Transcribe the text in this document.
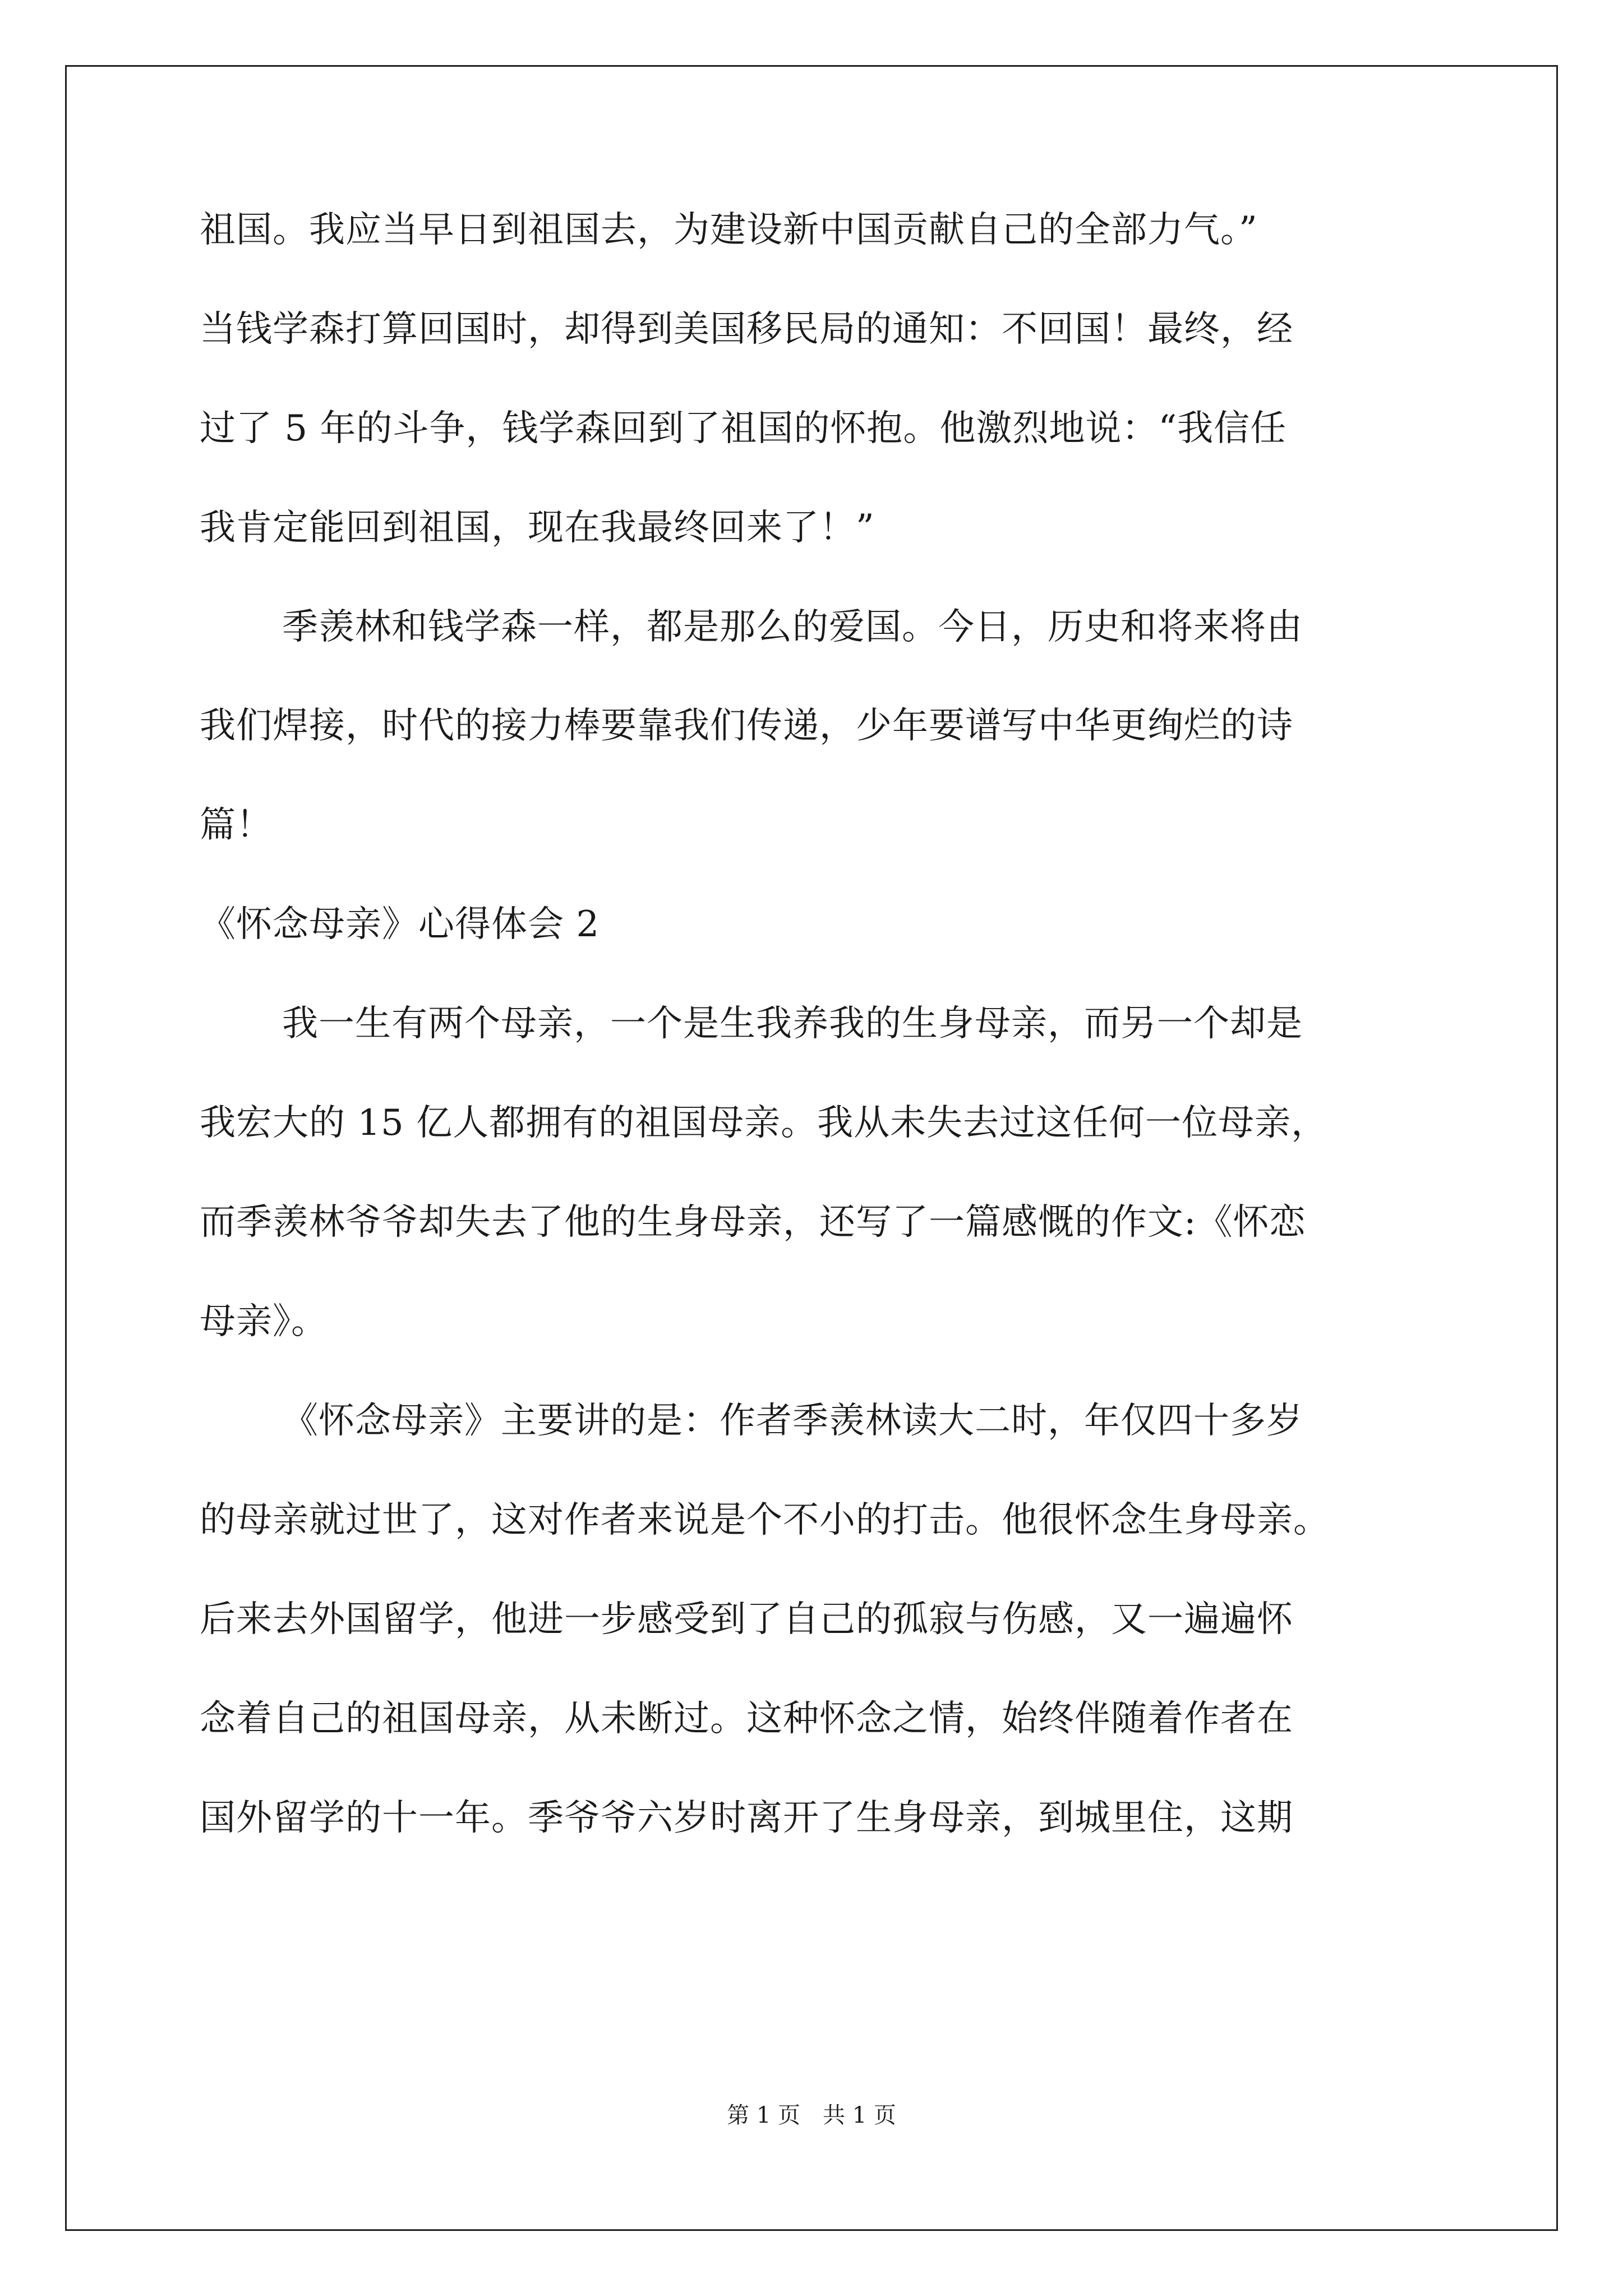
祖国。我应当早日到祖国去，为建设新中国贡献自己的全部力气。”
当钱学森打算回国时，却得到美国移民局的通知：不回国！最终，经
过了 5 年的斗争，钱学森回到了祖国的怀抱。他激烈地说：“我信任
我肯定能回到祖国，现在我最终回来了！”
季羡林和钱学森一样，都是那么的爱国。今日，历史和将来将由
我们焊接，时代的接力棒要靠我们传递，少年要谱写中华更绚烂的诗
篇！
《怀念母亲》心得体会 2
我一生有两个母亲，一个是生我养我的生身母亲，而另一个却是
我宏大的 15 亿人都拥有的祖国母亲。我从未失去过这任何一位母亲，
而季羡林爷爷却失去了他的生身母亲，还写了一篇感慨的作文:《怀恋
母亲》。
《怀念母亲》主要讲的是：作者季羡林读大二时，年仅四十多岁
的母亲就过世了，这对作者来说是个不小的打击。他很怀念生身母亲。
后来去外国留学，他进一步感受到了自己的孤寂与伤感，又一遍遍怀
念着自己的祖国母亲，从未断过。这种怀念之情，始终伴随着作者在
国外留学的十一年。季爷爷六岁时离开了生身母亲，到城里住，这期
第 1 页　共 1 页
